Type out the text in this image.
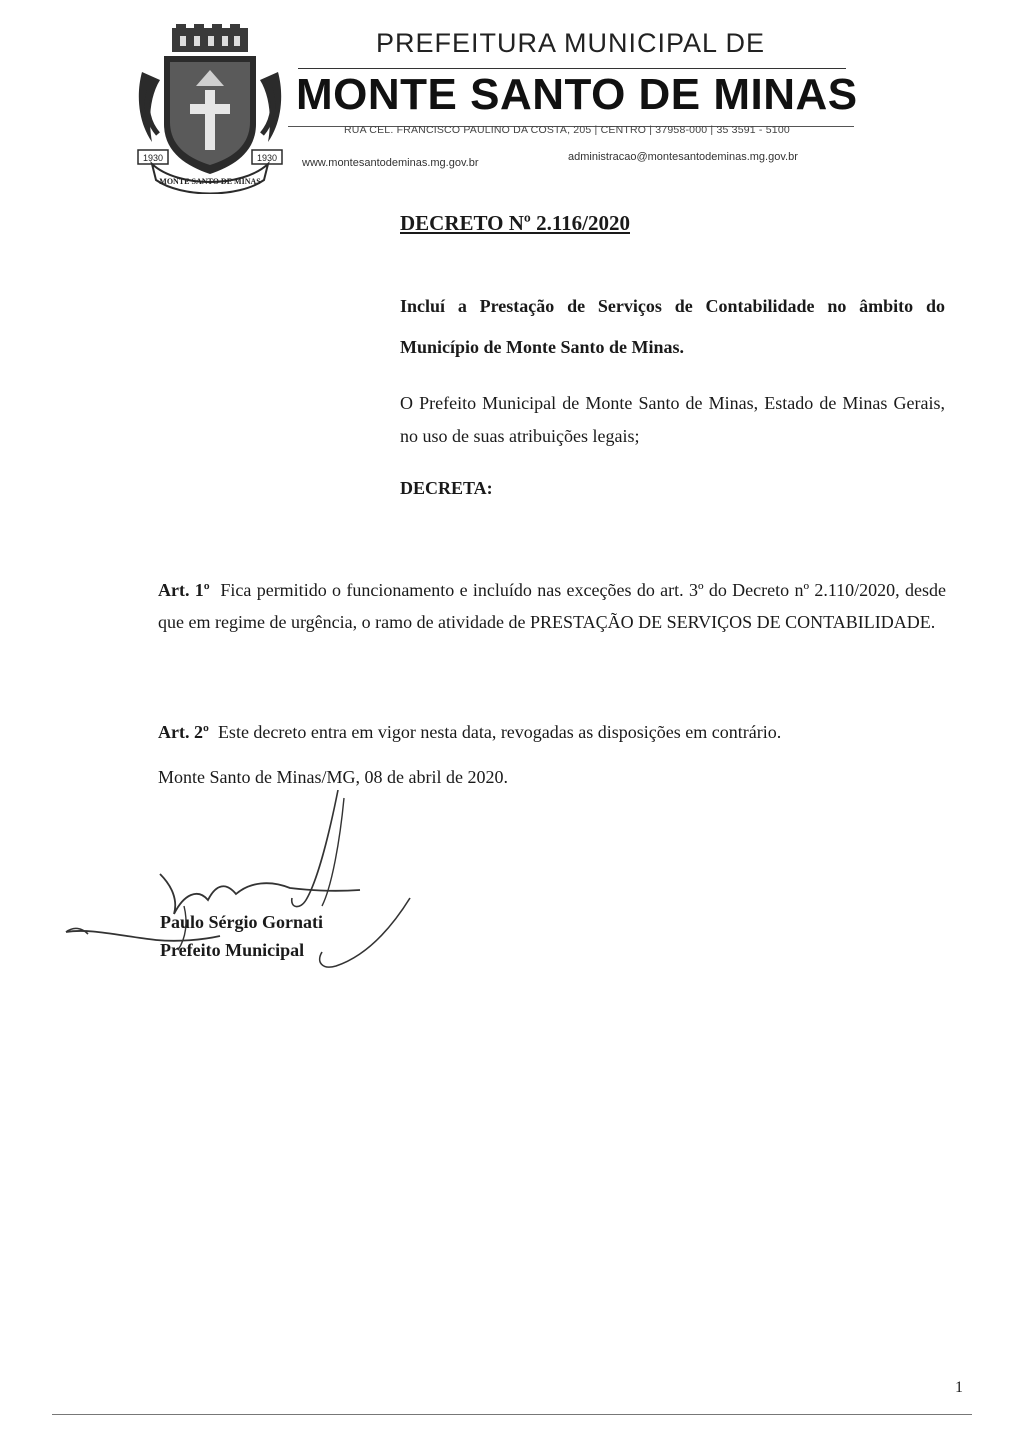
1930	1930
MONTE SANTO DE MINAS
PREFEITURA MUNICIPAL DE
MONTE SANTO DE MINAS
RUA CEL. FRANCISCO PAULINO DA COSTA, 205 | CENTRO | 37958-000 | 35 3591 - 5100
www.montesantodeminas.mg.gov.br	administracao@montesantodeminas.mg.gov.br
DECRETO Nº 2.116/2020
Incluí a Prestação de Serviços de Contabilidade no âmbito do Município de Monte Santo de Minas.
O Prefeito Municipal de Monte Santo de Minas, Estado de Minas Gerais, no uso de suas atribuições legais;
DECRETA:
Art. 1º Fica permitido o funcionamento e incluído nas exceções do art. 3º do Decreto nº 2.110/2020, desde que em regime de urgência, o ramo de atividade de PRESTAÇÃO DE SERVIÇOS DE CONTABILIDADE.
Art. 2º Este decreto entra em vigor nesta data, revogadas as disposições em contrário.
Monte Santo de Minas/MG, 08 de abril de 2020.
Paulo Sérgio Gornati
Prefeito Municipal
1
